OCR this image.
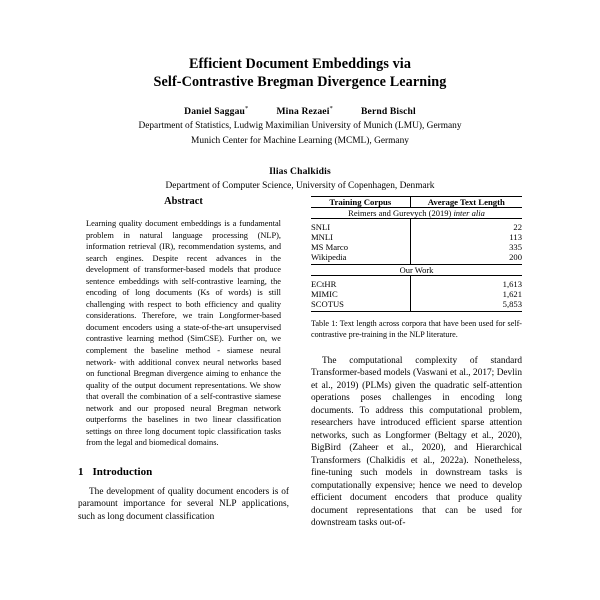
Efficient Document Embeddings via
Self-Contrastive Bregman Divergence Learning
Daniel Saggau*	Mina Rezaei*	Bernd Bischl
Department of Statistics, Ludwig Maximilian University of Munich (LMU), Germany
Munich Center for Machine Learning (MCML), Germany
Ilias Chalkidis
Department of Computer Science, University of Copenhagen, Denmark
Abstract

Learning quality document embeddings is a fundamental problem in natural language processing (NLP), information retrieval (IR), recommendation systems, and search engines. Despite recent advances in the development of transformer-based models that produce sentence embeddings with self-contrastive learning, the encoding of long documents (Ks of words) is still challenging with respect to both efficiency and quality considerations. Therefore, we train Longformer-based document encoders using a state-of-the-art unsupervised contrastive learning method (SimCSE). Further on, we complement the baseline method - siamese neural network- with additional convex neural networks based on functional Bregman divergence aiming to enhance the quality of the output document representations. We show that overall the combination of a self-contrastive siamese network and our proposed neural Bregman network outperforms the baselines in two linear classification settings on three long document topic classification tasks from the legal and biomedical domains.

1 Introduction

The development of quality document encoders is of paramount importance for several NLP applications, such as long document classification

Training Corpus	Average Text Length
Reimers and Gurevych (2019) inter alia	
SNLI	22
MNLI	113
MS Marco	335
Wikipedia	200
Our Work	
ECtHR	1,613
MIMIC	1,621
SCOTUS	5,853

Table 1: Text length across corpora that have been used for self-contrastive pre-training in the NLP literature.

The computational complexity of standard Transformer-based models (Vaswani et al., 2017; Devlin et al., 2019) (PLMs) given the quadratic self-attention operations poses challenges in encoding long documents. To address this computational problem, researchers have introduced efficient sparse attention networks, such as Longformer (Beltagy et al., 2020), BigBird (Zaheer et al., 2020), and Hierarchical Transformers (Chalkidis et al., 2022a). Nonetheless, fine-tuning such models in downstream tasks is computationally expensive; hence we need to develop efficient document encoders that produce quality document representations that can be used for downstream tasks out-of-
